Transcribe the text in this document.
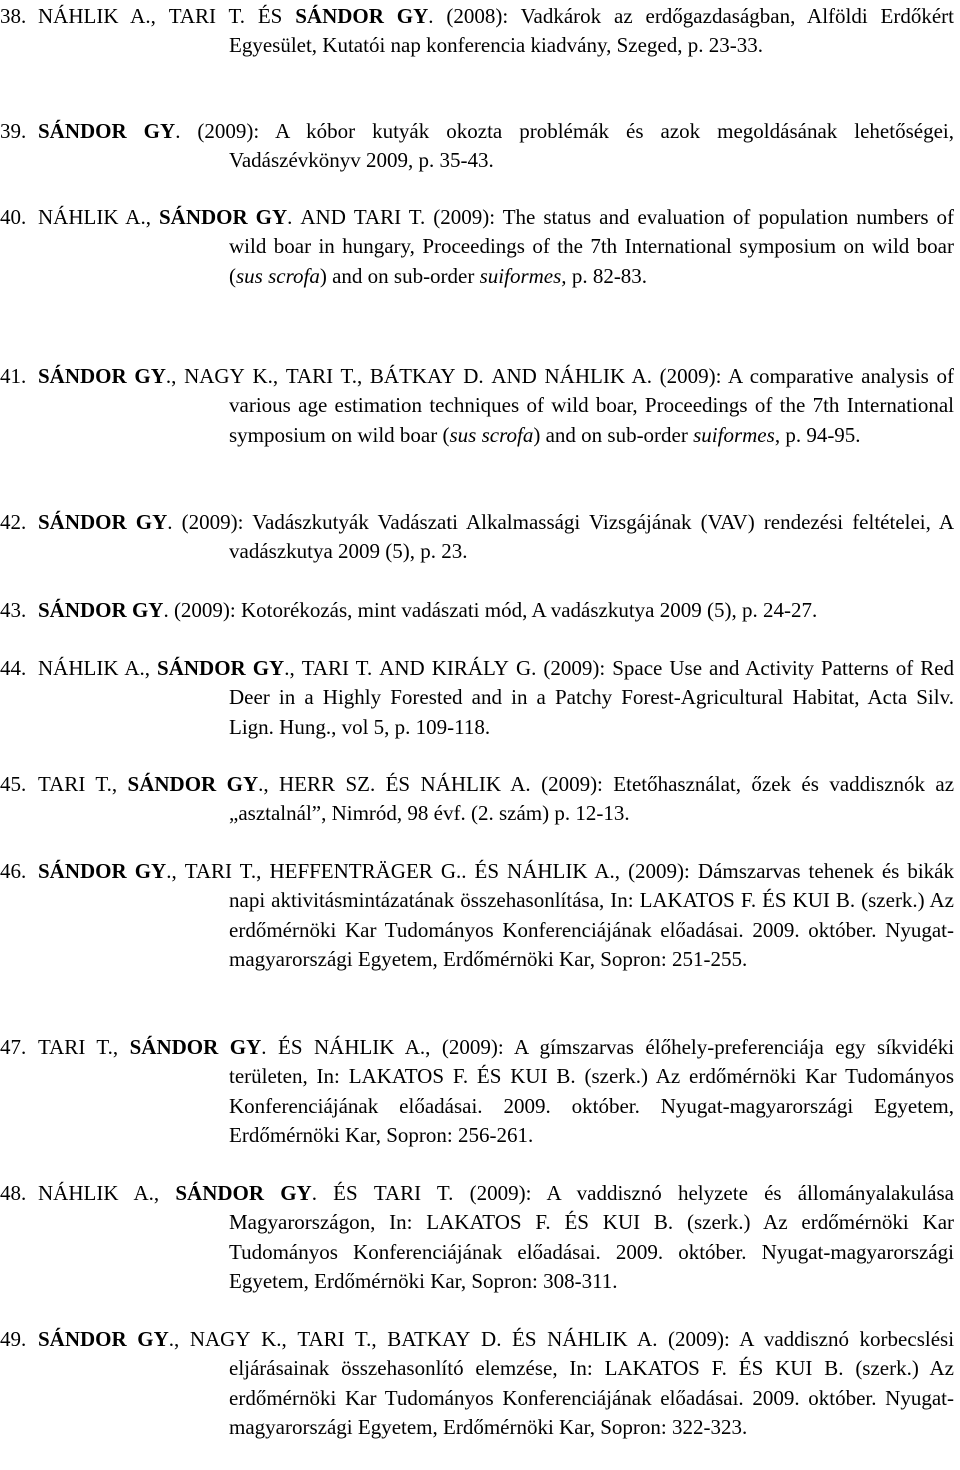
38. NÁHLIK A., TARI T. ÉS SÁNDOR GY. (2008): Vadkárok az erdőgazdaságban, Alföldi Erdőkért Egyesület, Kutatói nap konferencia kiadvány, Szeged, p. 23-33.
39. SÁNDOR GY. (2009): A kóbor kutyák okozta problémák és azok megoldásának lehetőségei, Vadászévkönyv 2009, p. 35-43.
40. NÁHLIK A., SÁNDOR GY. AND TARI T. (2009): The status and evaluation of population numbers of wild boar in hungary, Proceedings of the 7th International symposium on wild boar (sus scrofa) and on sub-order suiformes, p. 82-83.
41. SÁNDOR GY., NAGY K., TARI T., BÁTKAY D. AND NÁHLIK A. (2009): A comparative analysis of various age estimation techniques of wild boar, Proceedings of the 7th International symposium on wild boar (sus scrofa) and on sub-order suiformes, p. 94-95.
42. SÁNDOR GY. (2009): Vadászkutyák Vadászati Alkalmassági Vizsgájának (VAV) rendezési feltételei, A vadászkutya 2009 (5), p. 23.
43. SÁNDOR GY. (2009): Kotorékozás, mint vadászati mód, A vadászkutya 2009 (5), p. 24-27.
44. NÁHLIK A., SÁNDOR GY., TARI T. AND KIRÁLY G. (2009): Space Use and Activity Patterns of Red Deer in a Highly Forested and in a Patchy Forest-Agricultural Habitat, Acta Silv. Lign. Hung., vol 5, p. 109-118.
45. TARI T., SÁNDOR GY., HERR SZ. ÉS NÁHLIK A. (2009): Etetőhasználat, őzek és vaddisznók az „asztalnál”, Nimród, 98 évf. (2. szám) p. 12-13.
46. SÁNDOR GY., TARI T., HEFFENTRÄGER G.. ÉS NÁHLIK A., (2009): Dámszarvas tehenek és bikák napi aktivitásmintázatának összehasonlítása, In: LAKATOS F. ÉS KUI B. (szerk.) Az erdőmérnöki Kar Tudományos Konferenciájának előadásai. 2009. október. Nyugat-magyarországi Egyetem, Erdőmérnöki Kar, Sopron: 251-255.
47. TARI T., SÁNDOR GY. ÉS NÁHLIK A., (2009): A gímszarvas élőhely-preferenciája egy síkvidéki területen, In: LAKATOS F. ÉS KUI B. (szerk.) Az erdőmérnöki Kar Tudományos Konferenciájának előadásai. 2009. október. Nyugat-magyarországi Egyetem, Erdőmérnöki Kar, Sopron: 256-261.
48. NÁHLIK A., SÁNDOR GY. ÉS TARI T. (2009): A vaddisznó helyzete és állományalakulása Magyarországon, In: LAKATOS F. ÉS KUI B. (szerk.) Az erdőmérnöki Kar Tudományos Konferenciájának előadásai. 2009. október. Nyugat-magyarországi Egyetem, Erdőmérnöki Kar, Sopron: 308-311.
49. SÁNDOR GY., NAGY K., TARI T., BATKAY D. ÉS NÁHLIK A. (2009): A vaddisznó korbecslési eljárásainak összehasonlító elemzése, In: LAKATOS F. ÉS KUI B. (szerk.) Az erdőmérnöki Kar Tudományos Konferenciájának előadásai. 2009. október. Nyugat-magyarországi Egyetem, Erdőmérnöki Kar, Sopron: 322-323.
